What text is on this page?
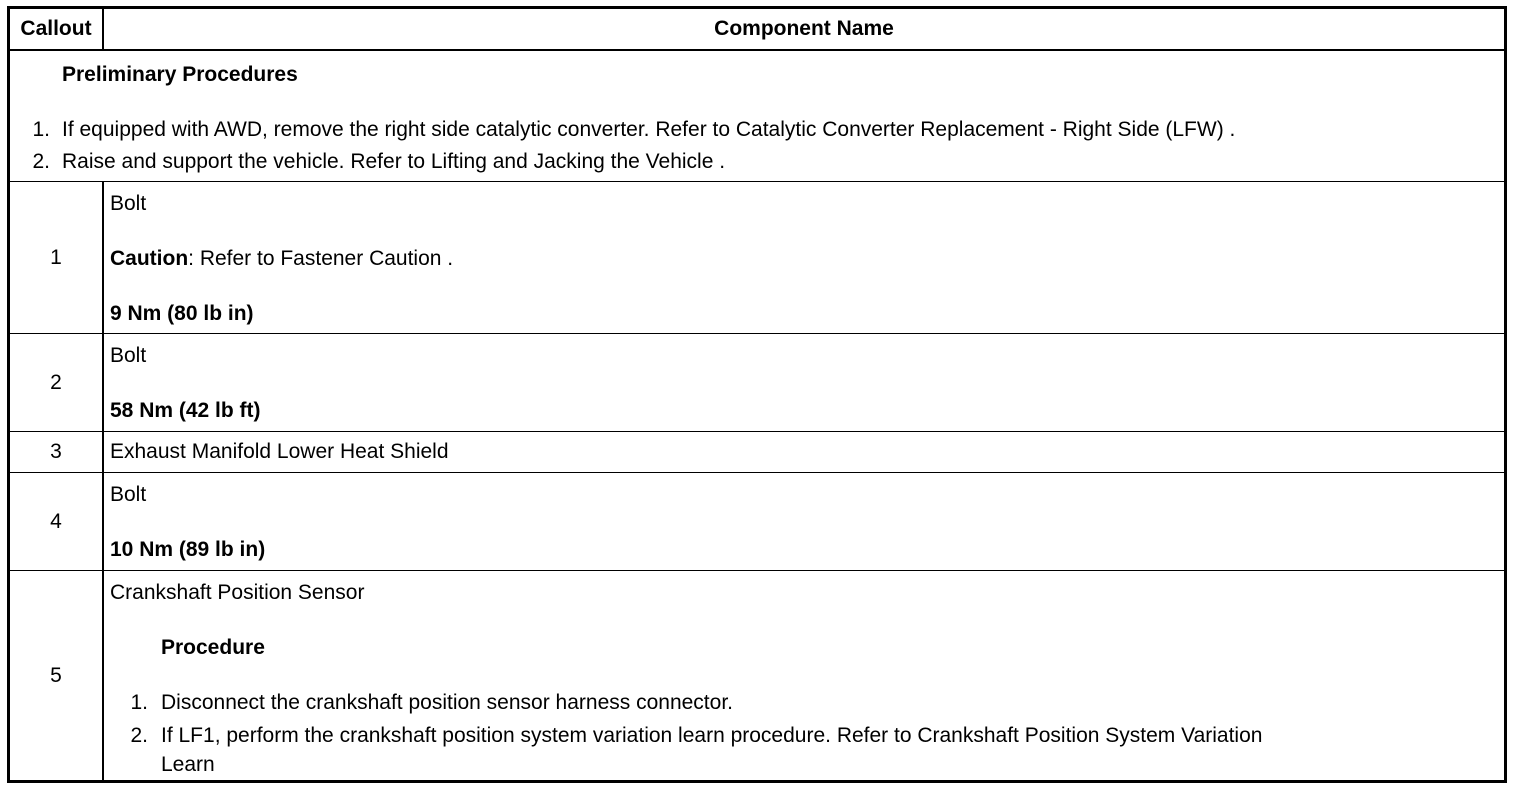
Callout	Component Name
Preliminary Procedures
1. If equipped with AWD, remove the right side catalytic converter. Refer to Catalytic Converter Replacement - Right Side (LFW) .
2. Raise and support the vehicle. Refer to Lifting and Jacking the Vehicle .
1
Bolt
Caution: Refer to Fastener Caution .
9 Nm (80 lb in)
2
Bolt
58 Nm (42 lb ft)
3	Exhaust Manifold Lower Heat Shield
4
Bolt
10 Nm (89 lb in)
5
Crankshaft Position Sensor
Procedure
1. Disconnect the crankshaft position sensor harness connector.
2. If LF1, perform the crankshaft position system variation learn procedure. Refer to Crankshaft Position System Variation
Learn
